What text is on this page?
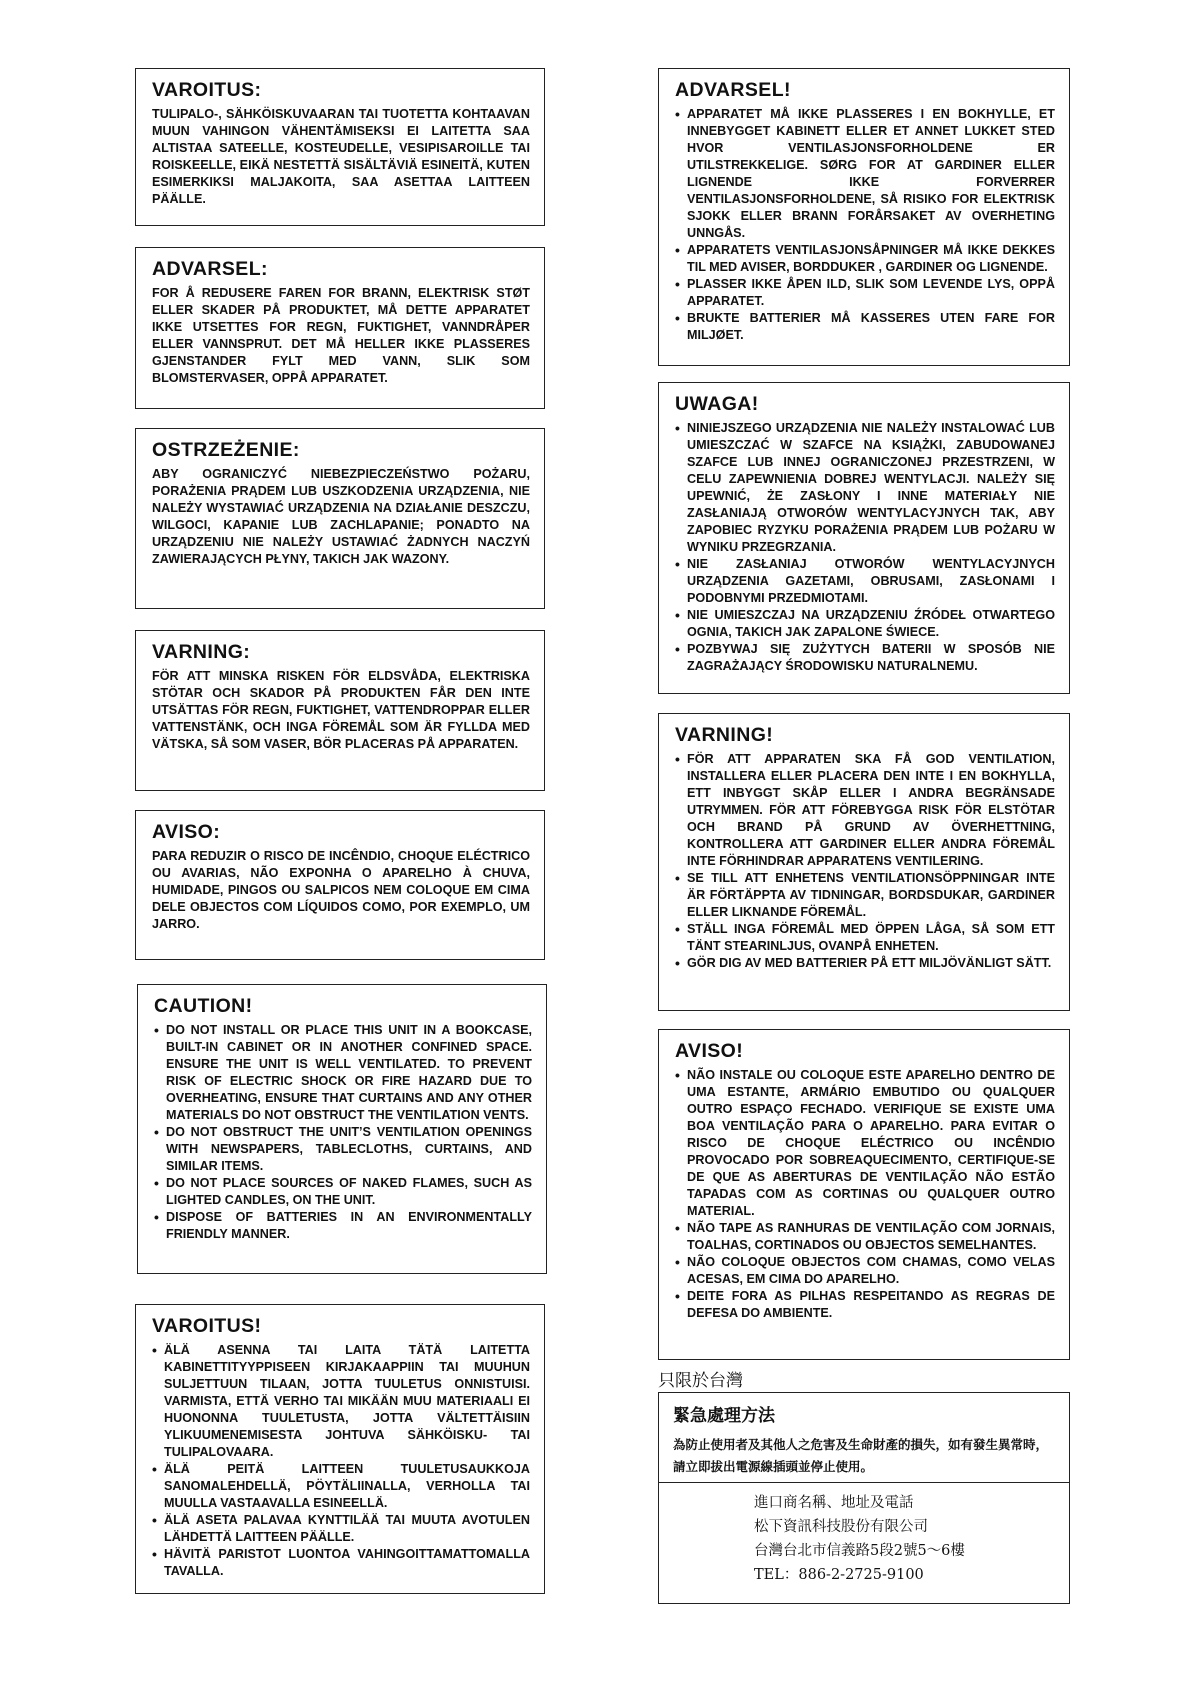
VAROITUS:

TULIPALO-, SÄHKÖISKUVAARAN TAI TUOTETTA KOHTAAVAN MUUN VAHINGON VÄHENTÄMISEKSI EI LAITETTA SAA ALTISTAA SATEELLE, KOSTEUDELLE, VESIPISAROILLE TAI ROISKEELLE, EIKÄ NESTETTÄ SISÄLTÄVIÄ ESINEITÄ, KUTEN ESIMERKIKSI MALJAKOITA, SAA ASETTAA LAITTEEN PÄÄLLE.

ADVARSEL:

FOR Å REDUSERE FAREN FOR BRANN, ELEKTRISK STØT ELLER SKADER PÅ PRODUKTET, MÅ DETTE APPARATET IKKE UTSETTES FOR REGN, FUKTIGHET, VANNDRÅPER ELLER VANNSPRUT. DET MÅ HELLER IKKE PLASSERES GJENSTANDER FYLT MED VANN, SLIK SOM BLOMSTERVASER, OPPÅ APPARATET.

OSTRZEŻENIE:

ABY OGRANICZYĆ NIEBEZPIECZEŃSTWO POŻARU, PORAŻENIA PRĄDEM LUB USZKODZENIA URZĄDZENIA, NIE NALEŻY WYSTAWIAĆ URZĄDZENIA NA DZIAŁANIE DESZCZU, WILGOCI, KAPANIE LUB ZACHLAPANIE; PONADTO NA URZĄDZENIU NIE NALEŻY USTAWIAĆ ŻADNYCH NACZYŃ ZAWIERAJĄCYCH PŁYNY, TAKICH JAK WAZONY.

VARNING:

FÖR ATT MINSKA RISKEN FÖR ELDSVÅDA, ELEKTRISKA STÖTAR OCH SKADOR PÅ PRODUKTEN FÅR DEN INTE UTSÄTTAS FÖR REGN, FUKTIGHET, VATTENDROPPAR ELLER VATTENSTÄNK, OCH INGA FÖREMÅL SOM ÄR FYLLDA MED VÄTSKA, SÅ SOM VASER, BÖR PLACERAS PÅ APPARATEN.

AVISO:

PARA REDUZIR O RISCO DE INCÊNDIO, CHOQUE ELÉCTRICO OU AVARIAS, NÃO EXPONHA O APARELHO À CHUVA, HUMIDADE, PINGOS OU SALPICOS NEM COLOQUE EM CIMA DELE OBJECTOS COM LÍQUIDOS COMO, POR EXEMPLO, UM JARRO.

CAUTION!
• DO NOT INSTALL OR PLACE THIS UNIT IN A BOOKCASE, BUILT-IN CABINET OR IN ANOTHER CONFINED SPACE. ENSURE THE UNIT IS WELL VENTILATED. TO PREVENT RISK OF ELECTRIC SHOCK OR FIRE HAZARD DUE TO OVERHEATING, ENSURE THAT CURTAINS AND ANY OTHER MATERIALS DO NOT OBSTRUCT THE VENTILATION VENTS.
• DO NOT OBSTRUCT THE UNIT’S VENTILATION OPENINGS WITH NEWSPAPERS, TABLECLOTHS, CURTAINS, AND SIMILAR ITEMS.
• DO NOT PLACE SOURCES OF NAKED FLAMES, SUCH AS LIGHTED CANDLES, ON THE UNIT.
• DISPOSE OF BATTERIES IN AN ENVIRONMENTALLY FRIENDLY MANNER.
VAROITUS!
• ÄLÄ ASENNA TAI LAITA TÄTÄ LAITETTA KABINETTITYYPPISEEN KIRJAKAAPPIIN TAI MUUHUN SULJETTUUN TILAAN, JOTTA TUULETUS ONNISTUISI. VARMISTA, ETTÄ VERHO TAI MIKÄÄN MUU MATERIAALI EI HUONONNA TUULETUSTA, JOTTA VÄLTETTÄISIIN YLIKUUMENEMISESTA JOHTUVA SÄHKÖISKU- TAI TULIPALOVAARA.
• ÄLÄ PEITÄ LAITTEEN TUULETUSAUKKOJA SANOMALEHDELLÄ, PÖYTÄLIINALLA, VERHOLLA TAI MUULLA VASTAAVALLA ESINEELLÄ.
• ÄLÄ ASETA PALAVAA KYNTTILÄÄ TAI MUUTA AVOTULEN LÄHDETTÄ LAITTEEN PÄÄLLE.
• HÄVITÄ PARISTOT LUONTOA VAHINGOITTAMATTOMALLA TAVALLA.
ADVARSEL!
• APPARATET MÅ IKKE PLASSERES I EN BOKHYLLE, ET INNEBYGGET KABINETT ELLER ET ANNET LUKKET STED HVOR VENTILASJONSFORHOLDENE ER UTILSTREKKELIGE. SØRG FOR AT GARDINER ELLER LIGNENDE IKKE FORVERRER VENTILASJONSFORHOLDENE, SÅ RISIKO FOR ELEKTRISK SJOKK ELLER BRANN FORÅRSAKET AV OVERHETING UNNGÅS.
• APPARATETS VENTILASJONSÅPNINGER MÅ IKKE DEKKES TIL MED AVISER, BORDDUKER , GARDINER OG LIGNENDE.
• PLASSER IKKE ÅPEN ILD, SLIK SOM LEVENDE LYS, OPPÅ APPARATET.
• BRUKTE BATTERIER MÅ KASSERES UTEN FARE FOR MILJØET.
UWAGA!
• NINIEJSZEGO URZĄDZENIA NIE NALEŻY INSTALOWAĆ LUB UMIESZCZAĆ W SZAFCE NA KSIĄŻKI, ZABUDOWANEJ SZAFCE LUB INNEJ OGRANICZONEJ PRZESTRZENI, W CELU ZAPEWNIENIA DOBREJ WENTYLACJI. NALEŻY SIĘ UPEWNIĆ, ŻE ZASŁONY I INNE MATERIAŁY NIE ZASŁANIAJĄ OTWORÓW WENTYLACYJNYCH TAK, ABY ZAPOBIEC RYZYKU PORAŻENIA PRĄDEM LUB POŻARU W WYNIKU PRZEGRZANIA.
• NIE ZASŁANIAJ OTWORÓW WENTYLACYJNYCH URZĄDZENIA GAZETAMI, OBRUSAMI, ZASŁONAMI I PODOBNYMI PRZEDMIOTAMI.
• NIE UMIESZCZAJ NA URZĄDZENIU ŹRÓDEŁ OTWARTEGO OGNIA, TAKICH JAK ZAPALONE ŚWIECE.
• POZBYWAJ SIĘ ZUŻYTYCH BATERII W SPOSÓB NIE ZAGRAŻAJĄCY ŚRODOWISKU NATURALNEMU.
VARNING!
• FÖR ATT APPARATEN SKA FÅ GOD VENTILATION, INSTALLERA ELLER PLACERA DEN INTE I EN BOKHYLLA, ETT INBYGGT SKÅP ELLER I ANDRA BEGRÄNSADE UTRYMMEN. FÖR ATT FÖREBYGGA RISK FÖR ELSTÖTAR OCH BRAND PÅ GRUND AV ÖVERHETTNING, KONTROLLERA ATT GARDINER ELLER ANDRA FÖREMÅL INTE FÖRHINDRAR APPARATENS VENTILERING.
• SE TILL ATT ENHETENS VENTILATIONSÖPPNINGAR INTE ÄR FÖRTÄPPTA AV TIDNINGAR, BORDSDUKAR, GARDINER ELLER LIKNANDE FÖREMÅL.
• STÄLL INGA FÖREMÅL MED ÖPPEN LÅGA, SÅ SOM ETT TÄNT STEARINLJUS, OVANPÅ ENHETEN.
• GÖR DIG AV MED BATTERIER PÅ ETT MILJÖVÄNLIGT SÄTT.
AVISO!
• NÃO INSTALE OU COLOQUE ESTE APARELHO DENTRO DE UMA ESTANTE, ARMÁRIO EMBUTIDO OU QUALQUER OUTRO ESPAÇO FECHADO. VERIFIQUE SE EXISTE UMA BOA VENTILAÇÃO PARA O APARELHO. PARA EVITAR O RISCO DE CHOQUE ELÉCTRICO OU INCÊNDIO PROVOCADO POR SOBREAQUECIMENTO, CERTIFIQUE-SE DE QUE AS ABERTURAS DE VENTILAÇÃO NÃO ESTÃO TAPADAS COM AS CORTINAS OU QUALQUER OUTRO MATERIAL.
• NÃO TAPE AS RANHURAS DE VENTILAÇÃO COM JORNAIS, TOALHAS, CORTINADOS OU OBJECTOS SEMELHANTES.
• NÃO COLOQUE OBJECTOS COM CHAMAS, COMO VELAS ACESAS, EM CIMA DO APARELHO.
• DEITE FORA AS PILHAS RESPEITANDO AS REGRAS DE DEFESA DO AMBIENTE.
只限於台灣
緊急處理方法

為防止使用者及其他人之危害及生命財產的損失，如有發生異常時，請立即拔出電源線插頭並停止使用。

進口商名稱、地址及電話
松下資訊科技股份有限公司
台灣台北市信義路5段2號5～6樓
TEL：886-2-2725-9100
